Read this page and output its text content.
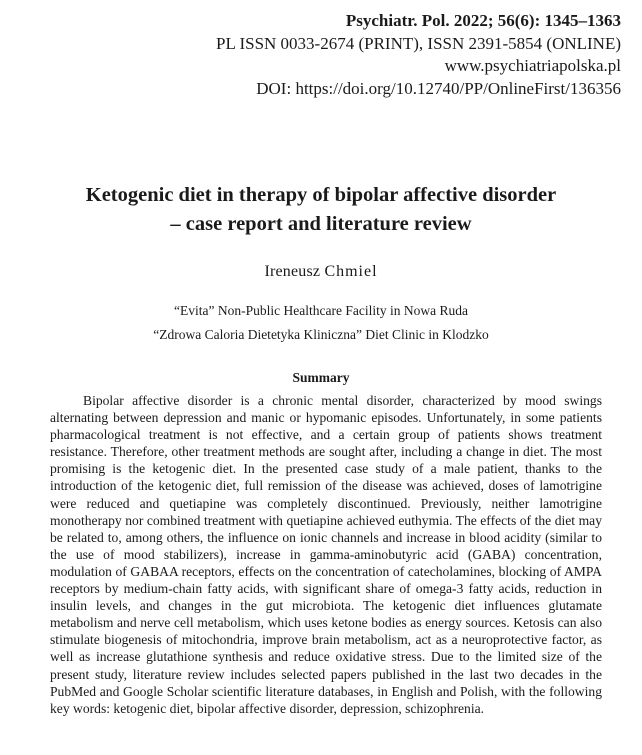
Psychiatr. Pol. 2022; 56(6): 1345–1363
PL ISSN 0033-2674 (PRINT), ISSN 2391-5854 (ONLINE)
www.psychiatriapolska.pl
DOI: https://doi.org/10.12740/PP/OnlineFirst/136356
Ketogenic diet in therapy of bipolar affective disorder
– case report and literature review
Ireneusz Chmiel
“Evita” Non-Public Healthcare Facility in Nowa Ruda
“Zdrowa Caloria Dietetyka Kliniczna” Diet Clinic in Klodzko
Summary

Bipolar affective disorder is a chronic mental disorder, characterized by mood swings alternating between depression and manic or hypomanic episodes. Unfortunately, in some patients pharmacological treatment is not effective, and a certain group of patients shows treatment resistance. Therefore, other treatment methods are sought after, including a change in diet. The most promising is the ketogenic diet. In the presented case study of a male patient, thanks to the introduction of the ketogenic diet, full remission of the disease was achieved, doses of lamotrigine were reduced and quetiapine was completely discontinued. Previously, neither lamotrigine monotherapy nor combined treatment with quetiapine achieved euthymia. The effects of the diet may be related to, among others, the influence on ionic channels and increase in blood acidity (similar to the use of mood stabilizers), increase in gamma-aminobutyric acid (GABA) concentration, modulation of GABAA receptors, effects on the concentration of catecholamines, blocking of AMPA receptors by medium-chain fatty acids, with significant share of omega-3 fatty acids, reduction in insulin levels, and changes in the gut microbiota. The ketogenic diet influences glutamate metabolism and nerve cell metabolism, which uses ketone bodies as energy sources. Ketosis can also stimulate biogenesis of mitochondria, improve brain metabolism, act as a neuroprotective factor, as well as increase glutathione synthesis and reduce oxidative stress. Due to the limited size of the present study, literature review includes selected papers published in the last two decades in the PubMed and Google Scholar scientific literature databases, in English and Polish, with the following key words: ketogenic diet, bipolar affective disorder, depression, schizophrenia.
